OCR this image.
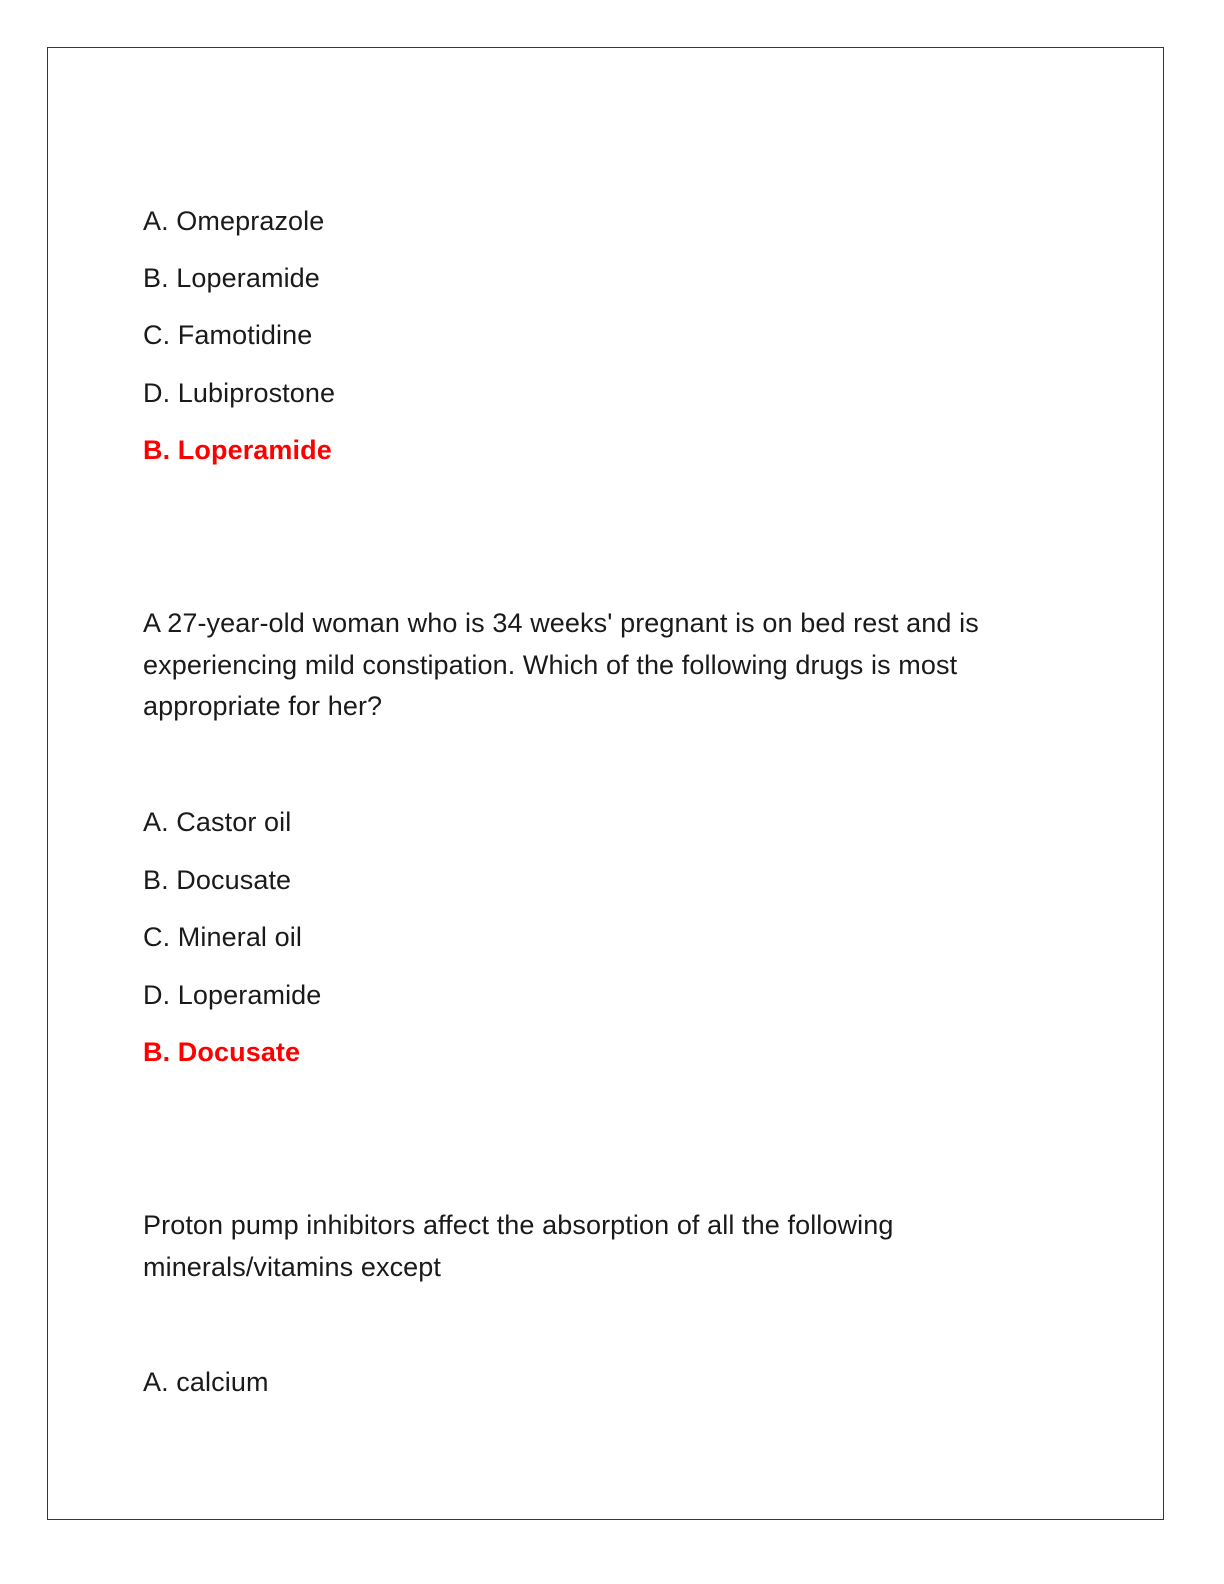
A. Omeprazole
B. Loperamide
C. Famotidine
D. Lubiprostone
B. Loperamide
A 27-year-old woman who is 34 weeks' pregnant is on bed rest and is experiencing mild constipation. Which of the following drugs is most appropriate for her?
A. Castor oil
B. Docusate
C. Mineral oil
D. Loperamide
B. Docusate
Proton pump inhibitors affect the absorption of all the following minerals/vitamins except
A. calcium
